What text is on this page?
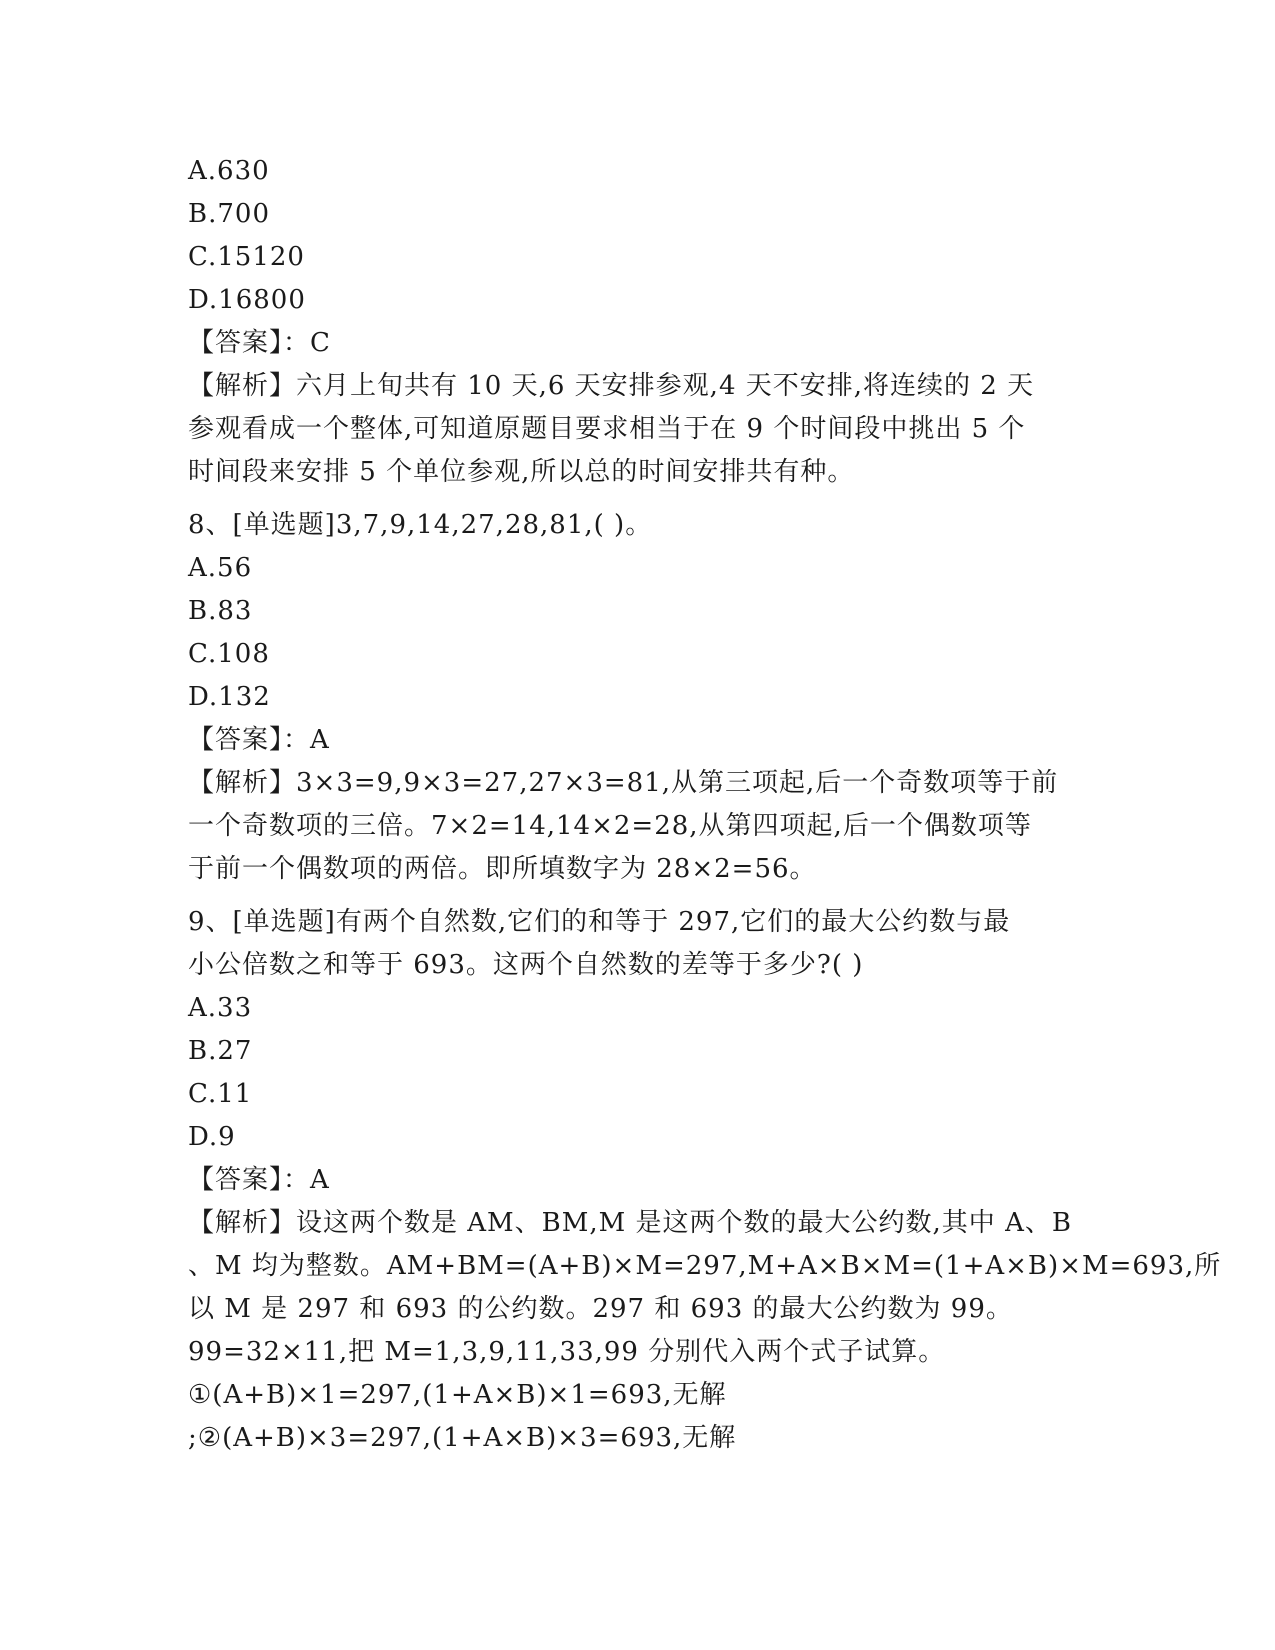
A.630
B.700
C.15120
D.16800
【答案】：C
【解析】六月上旬共有 10 天,6 天安排参观,4 天不安排,将连续的 2 天
参观看成一个整体,可知道原题目要求相当于在 9 个时间段中挑出 5 个
时间段来安排 5 个单位参观,所以总的时间安排共有种。
8、[单选题]3,7,9,14,27,28,81,( )。
A.56
B.83
C.108
D.132
【答案】：A
【解析】3×3=9,9×3=27,27×3=81,从第三项起,后一个奇数项等于前
一个奇数项的三倍。7×2=14,14×2=28,从第四项起,后一个偶数项等
于前一个偶数项的两倍。即所填数字为 28×2=56。
9、[单选题]有两个自然数,它们的和等于 297,它们的最大公约数与最
小公倍数之和等于 693。这两个自然数的差等于多少?( )
A.33
B.27
C.11
D.9
【答案】：A
【解析】设这两个数是 AM、BM,M 是这两个数的最大公约数,其中 A、B
、M 均为整数。AM+BM=(A+B)×M=297,M+A×B×M=(1+A×B)×M=693,所
以 M 是 297 和 693 的公约数。297 和 693 的最大公约数为 99。
99=32×11,把 M=1,3,9,11,33,99 分别代入两个式子试算。
①(A+B)×1=297,(1+A×B)×1=693,无解
;②(A+B)×3=297,(1+A×B)×3=693,无解
